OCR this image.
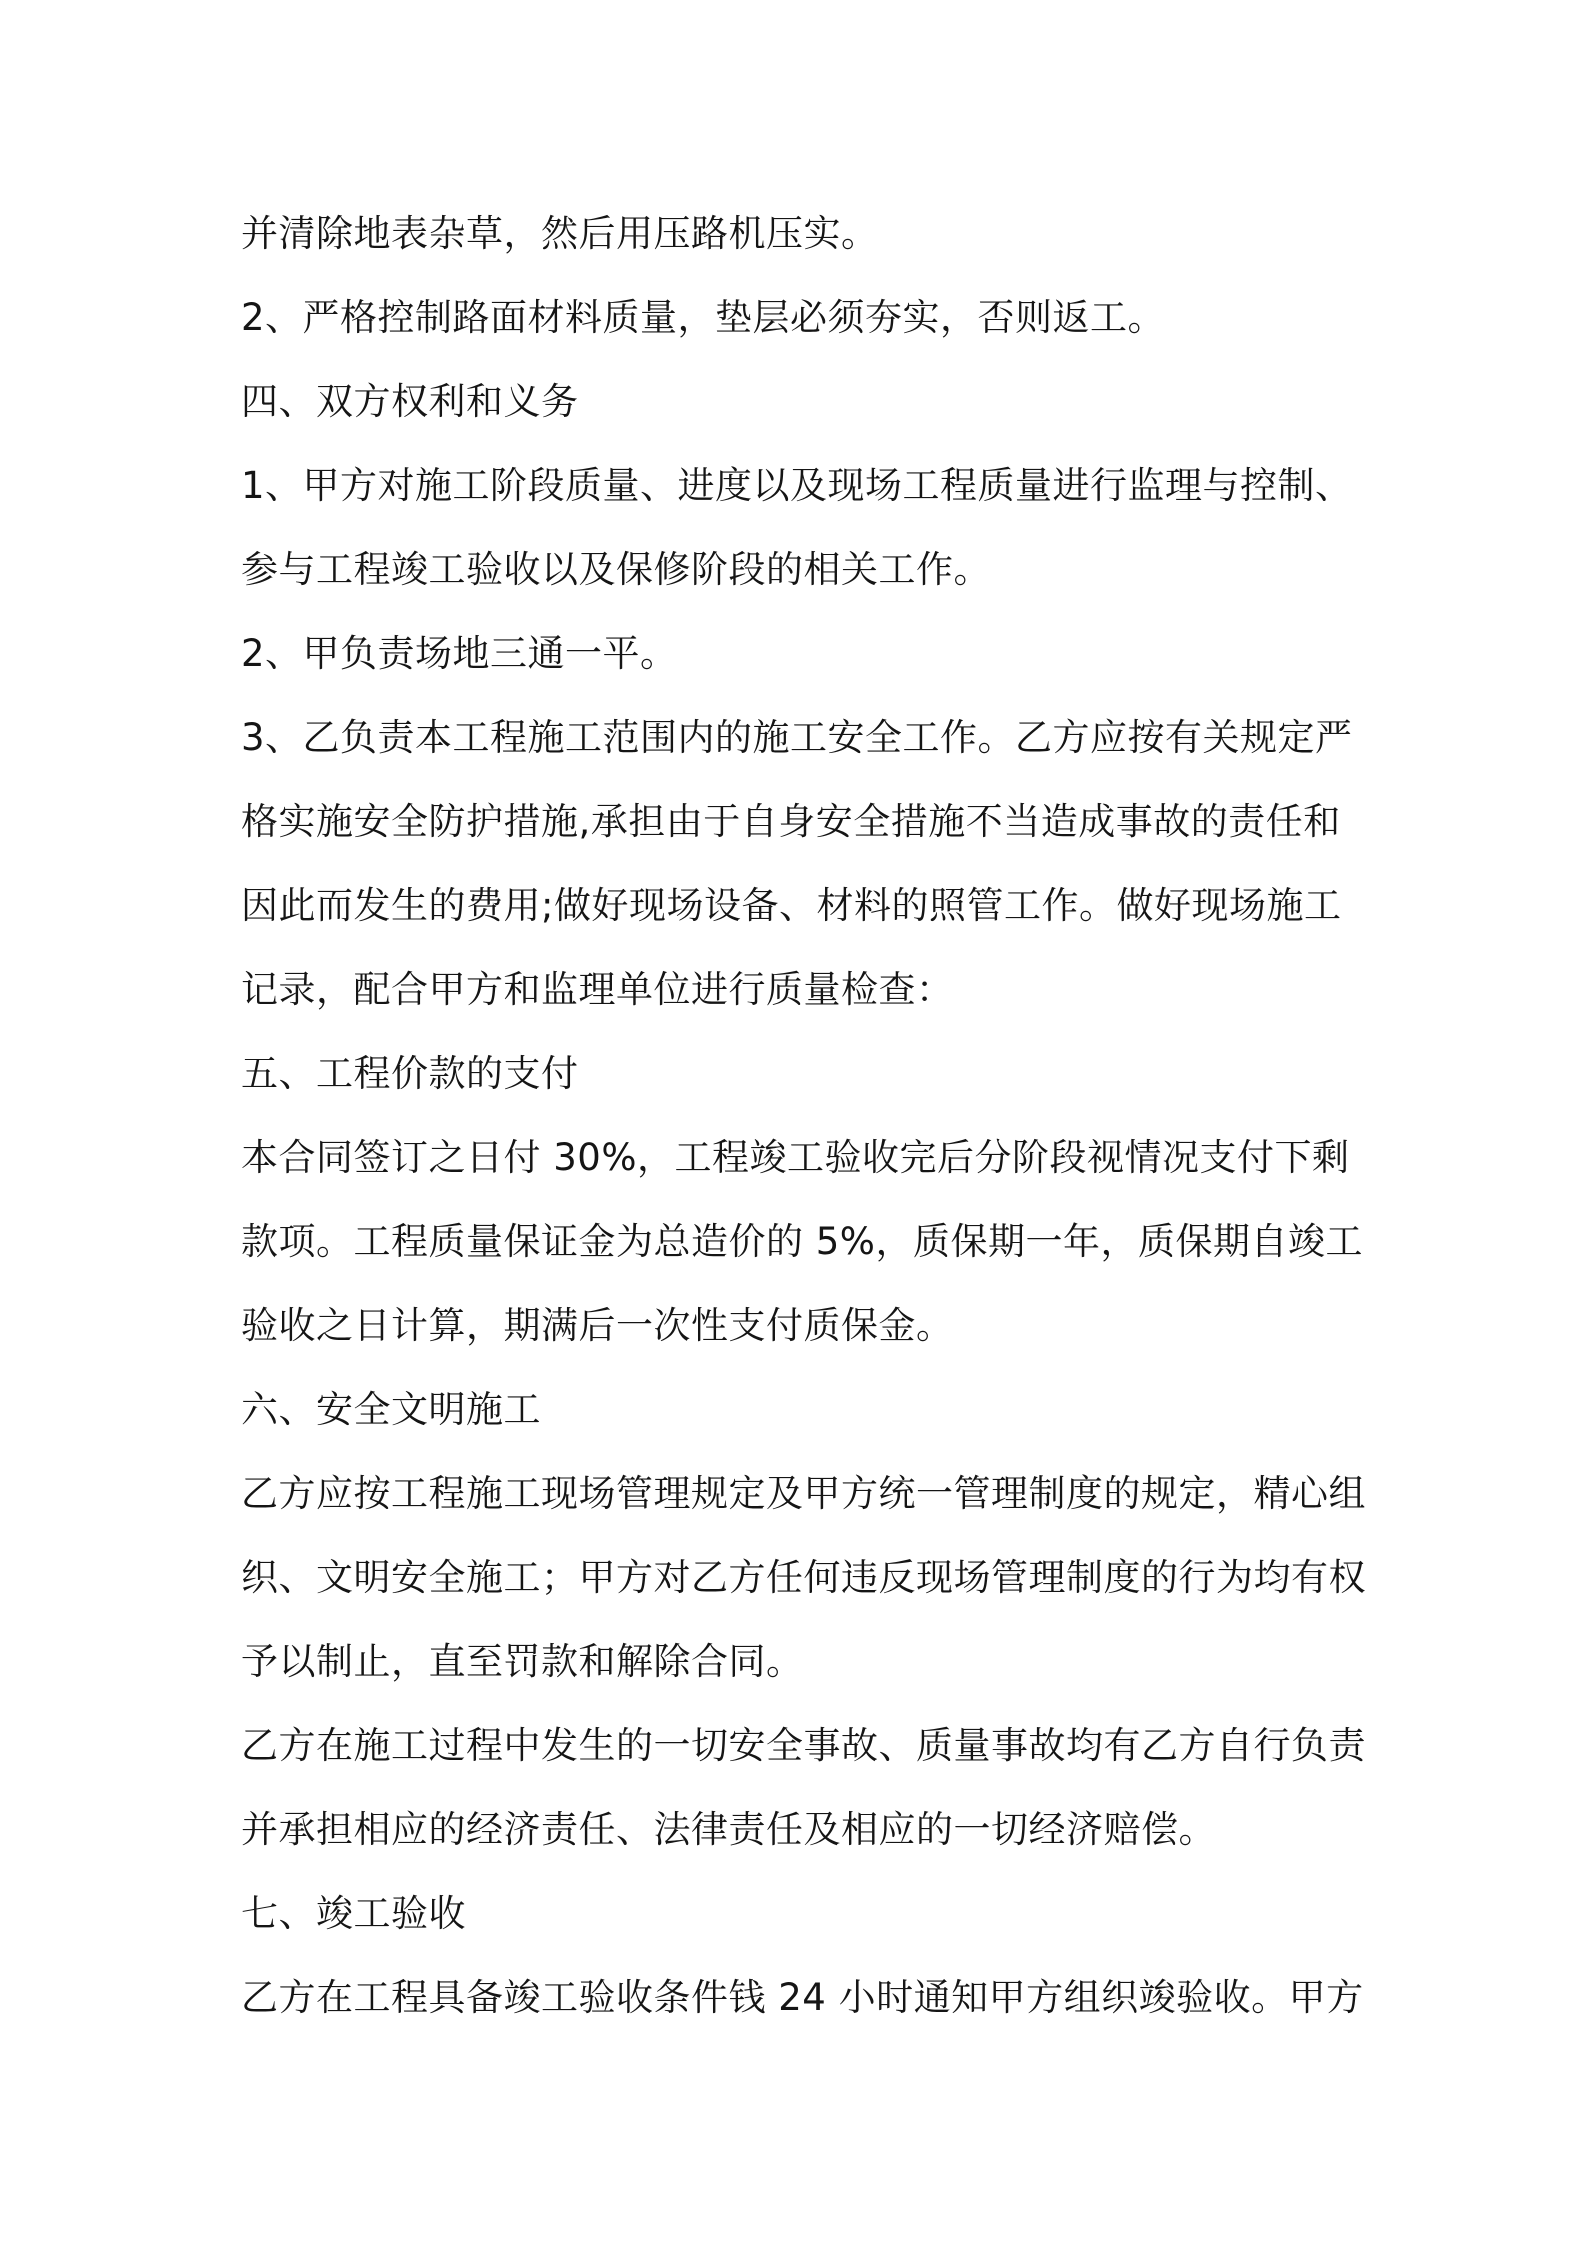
并清除地表杂草，然后用压路机压实。
2、严格控制路面材料质量，垫层必须夯实，否则返工。
四、双方权利和义务
1、甲方对施工阶段质量、进度以及现场工程质量进行监理与控制、
参与工程竣工验收以及保修阶段的相关工作。
2、甲负责场地三通一平。
3、乙负责本工程施工范围内的施工安全工作。乙方应按有关规定严
格实施安全防护措施,承担由于自身安全措施不当造成事故的责任和
因此而发生的费用;做好现场设备、材料的照管工作。做好现场施工
记录，配合甲方和监理单位进行质量检查：
五、工程价款的支付
本合同签订之日付 30%，工程竣工验收完后分阶段视情况支付下剩
款项。工程质量保证金为总造价的 5%，质保期一年，质保期自竣工
验收之日计算，期满后一次性支付质保金。
六、安全文明施工
乙方应按工程施工现场管理规定及甲方统一管理制度的规定，精心组
织、文明安全施工；甲方对乙方任何违反现场管理制度的行为均有权
予以制止，直至罚款和解除合同。
乙方在施工过程中发生的一切安全事故、质量事故均有乙方自行负责
并承担相应的经济责任、法律责任及相应的一切经济赔偿。
七、竣工验收
乙方在工程具备竣工验收条件钱 24 小时通知甲方组织竣验收。甲方
